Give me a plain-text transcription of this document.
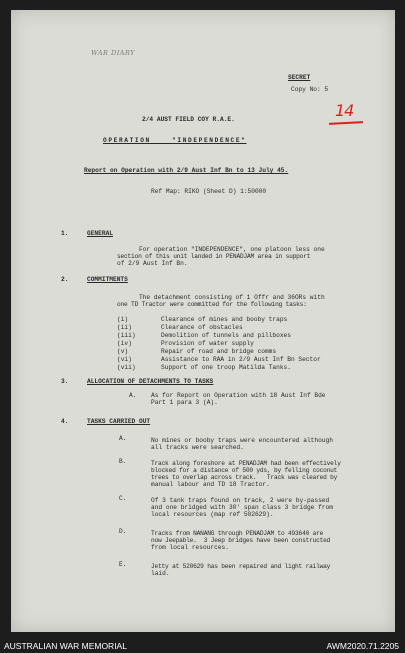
WAR DIARY
SECRET
Copy No: 5
14
2/4 AUST FIELD COY R.A.E.
OPERATION    "INDEPENDENCE"
Report on Operation with 2/9 Aust Inf Bn to 13 July 45.
Ref Map: RIKO (Sheet D) 1:50000
1.	GENERAL
For operation "INDEPENDENCE", one platoon less one
section of this unit landed in PENADJAM area in support
of 2/9 Aust Inf Bn.
2.	COMMITMENTS
The detachment consisting of 1 Offr and 36ORs with
one TD Tractor were committed for the following tasks:
(i)	Clearance of mines and booby traps
(ii)	Clearance of obstacles
(iii)	Demolition of tunnels and pillboxes
(iv)	Provision of water supply
(v)	Repair of road and bridge comms
(vi)	Assistance to RAA in 2/9 Aust Inf Bn Sector
(vii)	Support of one troop Matilda Tanks.
3.	ALLOCATION OF DETACHMENTS TO TASKS
A. As for Report on Operation with 18 Aust Inf Bde
Part 1 para 3 (A).
4.	TASKS CARRIED OUT
A.	No mines or booby traps were encountered although
all tracks were searched.
B.	Track along foreshore at PENADJAM had been effectively
blocked for a distance of 500 yds, by felling coconut
trees to overlap across track.   Track was cleared by
manual labour and TD 18 Tractor.
C.	Of 3 tank traps found on track, 2 were by-passed
and one bridged with 30' span class 3 bridge from
local resources (map ref 502629).
D.	Tracks from NANANG through PENADJAM to 493640 are
now Jeepable.  3 Jeep bridges have been constructed
from local resources.
E.	Jetty at 520629 has been repaired and light railway
laid.
AUSTRALIAN WAR MEMORIAL	AWM2020.71.2205
